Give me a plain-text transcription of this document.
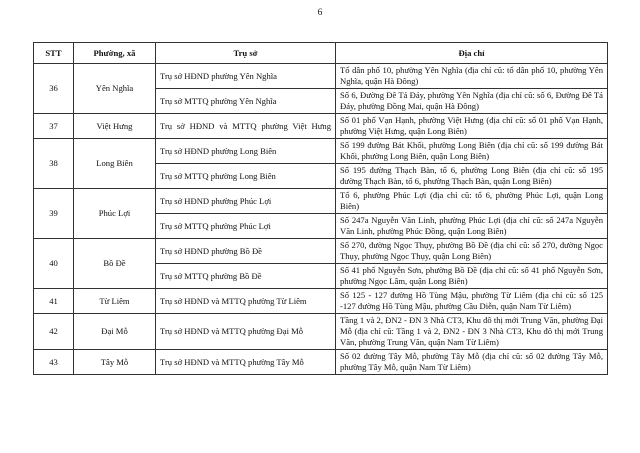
6
STT	Phường, xã	Trụ sở	Địa chỉ
36	Yên Nghĩa	Trụ sở HĐND phường Yên Nghĩa	Tổ dân phố 10, phường Yên Nghĩa (địa chỉ cũ: tổ dân phố 10, phường Yên Nghĩa, quận Hà Đông)
		Trụ sở MTTQ phường Yên Nghĩa	Số 6, Đường Đê Tả Đáy, phường Yên Nghĩa (địa chỉ cũ: số 6, Đường Đê Tả Đáy, phường Đồng Mai, quận Hà Đông)
37	Việt Hưng	Trụ sở HĐND và MTTQ phường Việt Hưng	Số 01 phố Vạn Hạnh, phường Việt Hưng (địa chỉ cũ: số 01 phố Vạn Hạnh, phường Việt Hưng, quận Long Biên)
38	Long Biên	Trụ sở HĐND phường Long Biên	Số 199 đường Bát Khối, phường Long Biên (địa chỉ cũ: số 199 đường Bát Khối, phường Long Biên, quận Long Biên)
		Trụ sở MTTQ phường Long Biên	Số 195 đường Thạch Bàn, tổ 6, phường Long Biên (địa chỉ cũ: số 195 đường Thạch Bàn, tổ 6, phường Thạch Bàn, quận Long Biên)
39	Phúc Lợi	Trụ sở HĐND phường Phúc Lợi	Tổ 6, phường Phúc Lợi (địa chỉ cũ: tổ 6, phường Phúc Lợi, quận Long Biên)
		Trụ sở MTTQ phường Phúc Lợi	Số 247a Nguyễn Văn Linh, phường Phúc Lợi (địa chỉ cũ: số 247a Nguyễn Văn Linh, phường Phúc Đồng, quận Long Biên)
40	Bồ Đề	Trụ sở HĐND phường Bồ Đề	Số 270, đường Ngọc Thụy, phường Bồ Đề (địa chỉ cũ: số 270, đường Ngọc Thụy, phường Ngọc Thụy, quận Long Biên)
		Trụ sở MTTQ phường Bồ Đề	Số 41 phố Nguyễn Sơn, phường Bồ Đề (địa chỉ cũ: số 41 phố Nguyễn Sơn, phường Ngọc Lâm, quận Long Biên)
41	Từ Liêm	Trụ sở HĐND và MTTQ phường Từ Liêm	Số 125 - 127 đường Hồ Tùng Mậu, phường Từ Liêm (địa chỉ cũ: số 125 -127 đường Hồ Tùng Mậu, phường Cầu Diễn, quận Nam Từ Liêm)
42	Đại Mỗ	Trụ sở HĐND và MTTQ phường Đại Mỗ	Tầng 1 và 2, ĐN2 - ĐN 3 Nhà CT3, Khu đô thị mới Trung Văn, phường Đại Mỗ (địa chỉ cũ: Tầng 1 và 2, ĐN2 - ĐN 3 Nhà CT3, Khu đô thị mới Trung Văn, phường Trung Văn, quận Nam Từ Liêm)
43	Tây Mỗ	Trụ sở HĐND và MTTQ phường Tây Mỗ	Số 02 đường Tây Mỗ, phường Tây Mỗ (địa chỉ cũ: số 02 đường Tây Mỗ, phường Tây Mỗ, quận Nam Từ Liêm)
